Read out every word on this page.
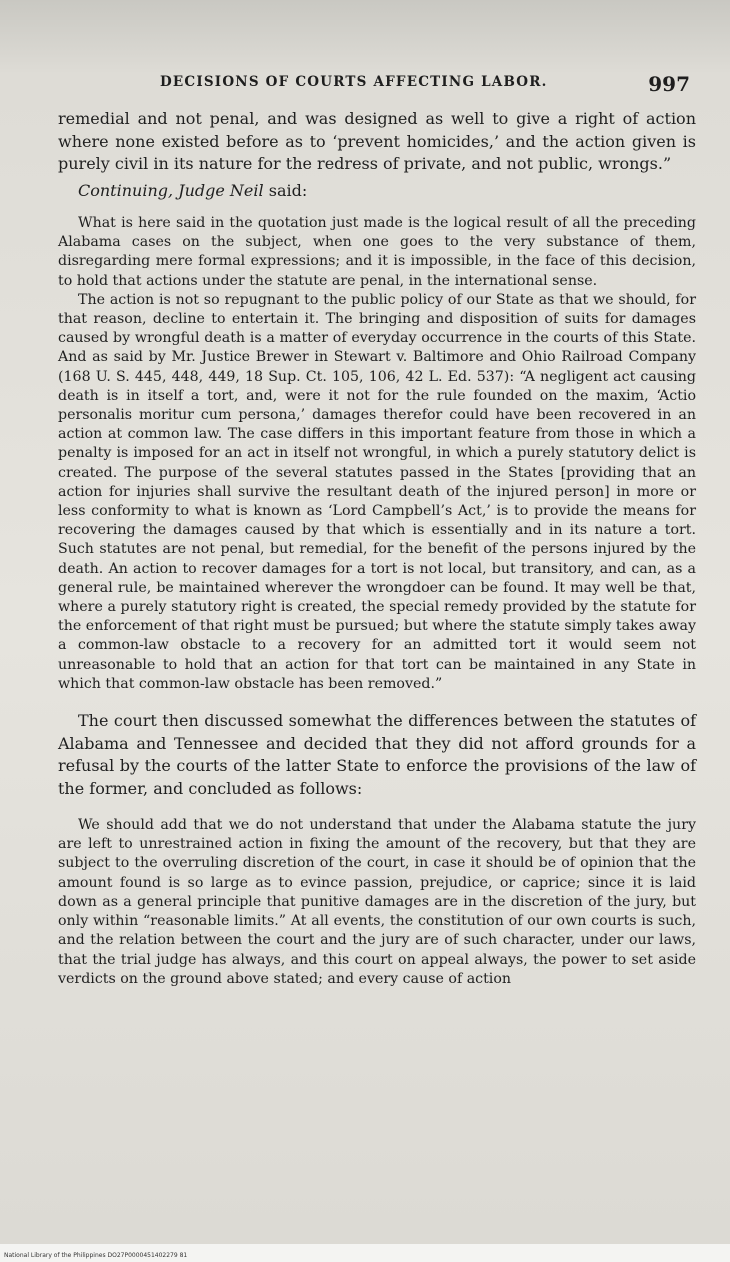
DECISIONS OF COURTS AFFECTING LABOR.	997

remedial and not penal, and was designed as well to give a right of action where none existed before as to ‘prevent homicides,’ and the action given is purely civil in its nature for the redress of private, and not public, wrongs.”

Continuing, Judge Neil said:

What is here said in the quotation just made is the logical result of all the preceding Alabama cases on the subject, when one goes to the very substance of them, disregarding mere formal expressions; and it is impossible, in the face of this decision, to hold that actions under the statute are penal, in the international sense.

The action is not so repugnant to the public policy of our State as that we should, for that reason, decline to entertain it. The bringing and disposition of suits for damages caused by wrongful death is a matter of everyday occurrence in the courts of this State. And as said by Mr. Justice Brewer in Stewart v. Baltimore and Ohio Railroad Company (168 U. S. 445, 448, 449, 18 Sup. Ct. 105, 106, 42 L. Ed. 537): “A negligent act causing death is in itself a tort, and, were it not for the rule founded on the maxim, ‘Actio personalis moritur cum persona,’ damages therefor could have been recovered in an action at common law. The case differs in this important feature from those in which a penalty is imposed for an act in itself not wrongful, in which a purely statutory delict is created. The purpose of the several statutes passed in the States [providing that an action for injuries shall survive the resultant death of the injured person] in more or less conformity to what is known as ‘Lord Campbell’s Act,’ is to provide the means for recovering the damages caused by that which is essentially and in its nature a tort. Such statutes are not penal, but remedial, for the benefit of the persons injured by the death. An action to recover damages for a tort is not local, but transitory, and can, as a general rule, be maintained wherever the wrongdoer can be found. It may well be that, where a purely statutory right is created, the special remedy provided by the statute for the enforcement of that right must be pursued; but where the statute simply takes away a common-law obstacle to a recovery for an admitted tort it would seem not unreasonable to hold that an action for that tort can be maintained in any State in which that common-law obstacle has been removed.”

The court then discussed somewhat the differences between the statutes of Alabama and Tennessee and decided that they did not afford grounds for a refusal by the courts of the latter State to enforce the provisions of the law of the former, and concluded as follows:

We should add that we do not understand that under the Alabama statute the jury are left to unrestrained action in fixing the amount of the recovery, but that they are subject to the overruling discretion of the court, in case it should be of opinion that the amount found is so large as to evince passion, prejudice, or caprice; since it is laid down as a general principle that punitive damages are in the discretion of the jury, but only within “reasonable limits.” At all events, the constitution of our own courts is such, and the relation between the court and the jury are of such character, under our laws, that the trial judge has always, and this court on appeal always, the power to set aside verdicts on the ground above stated; and every cause of action

National Library of the Philippines DO27P0000451402279 81
